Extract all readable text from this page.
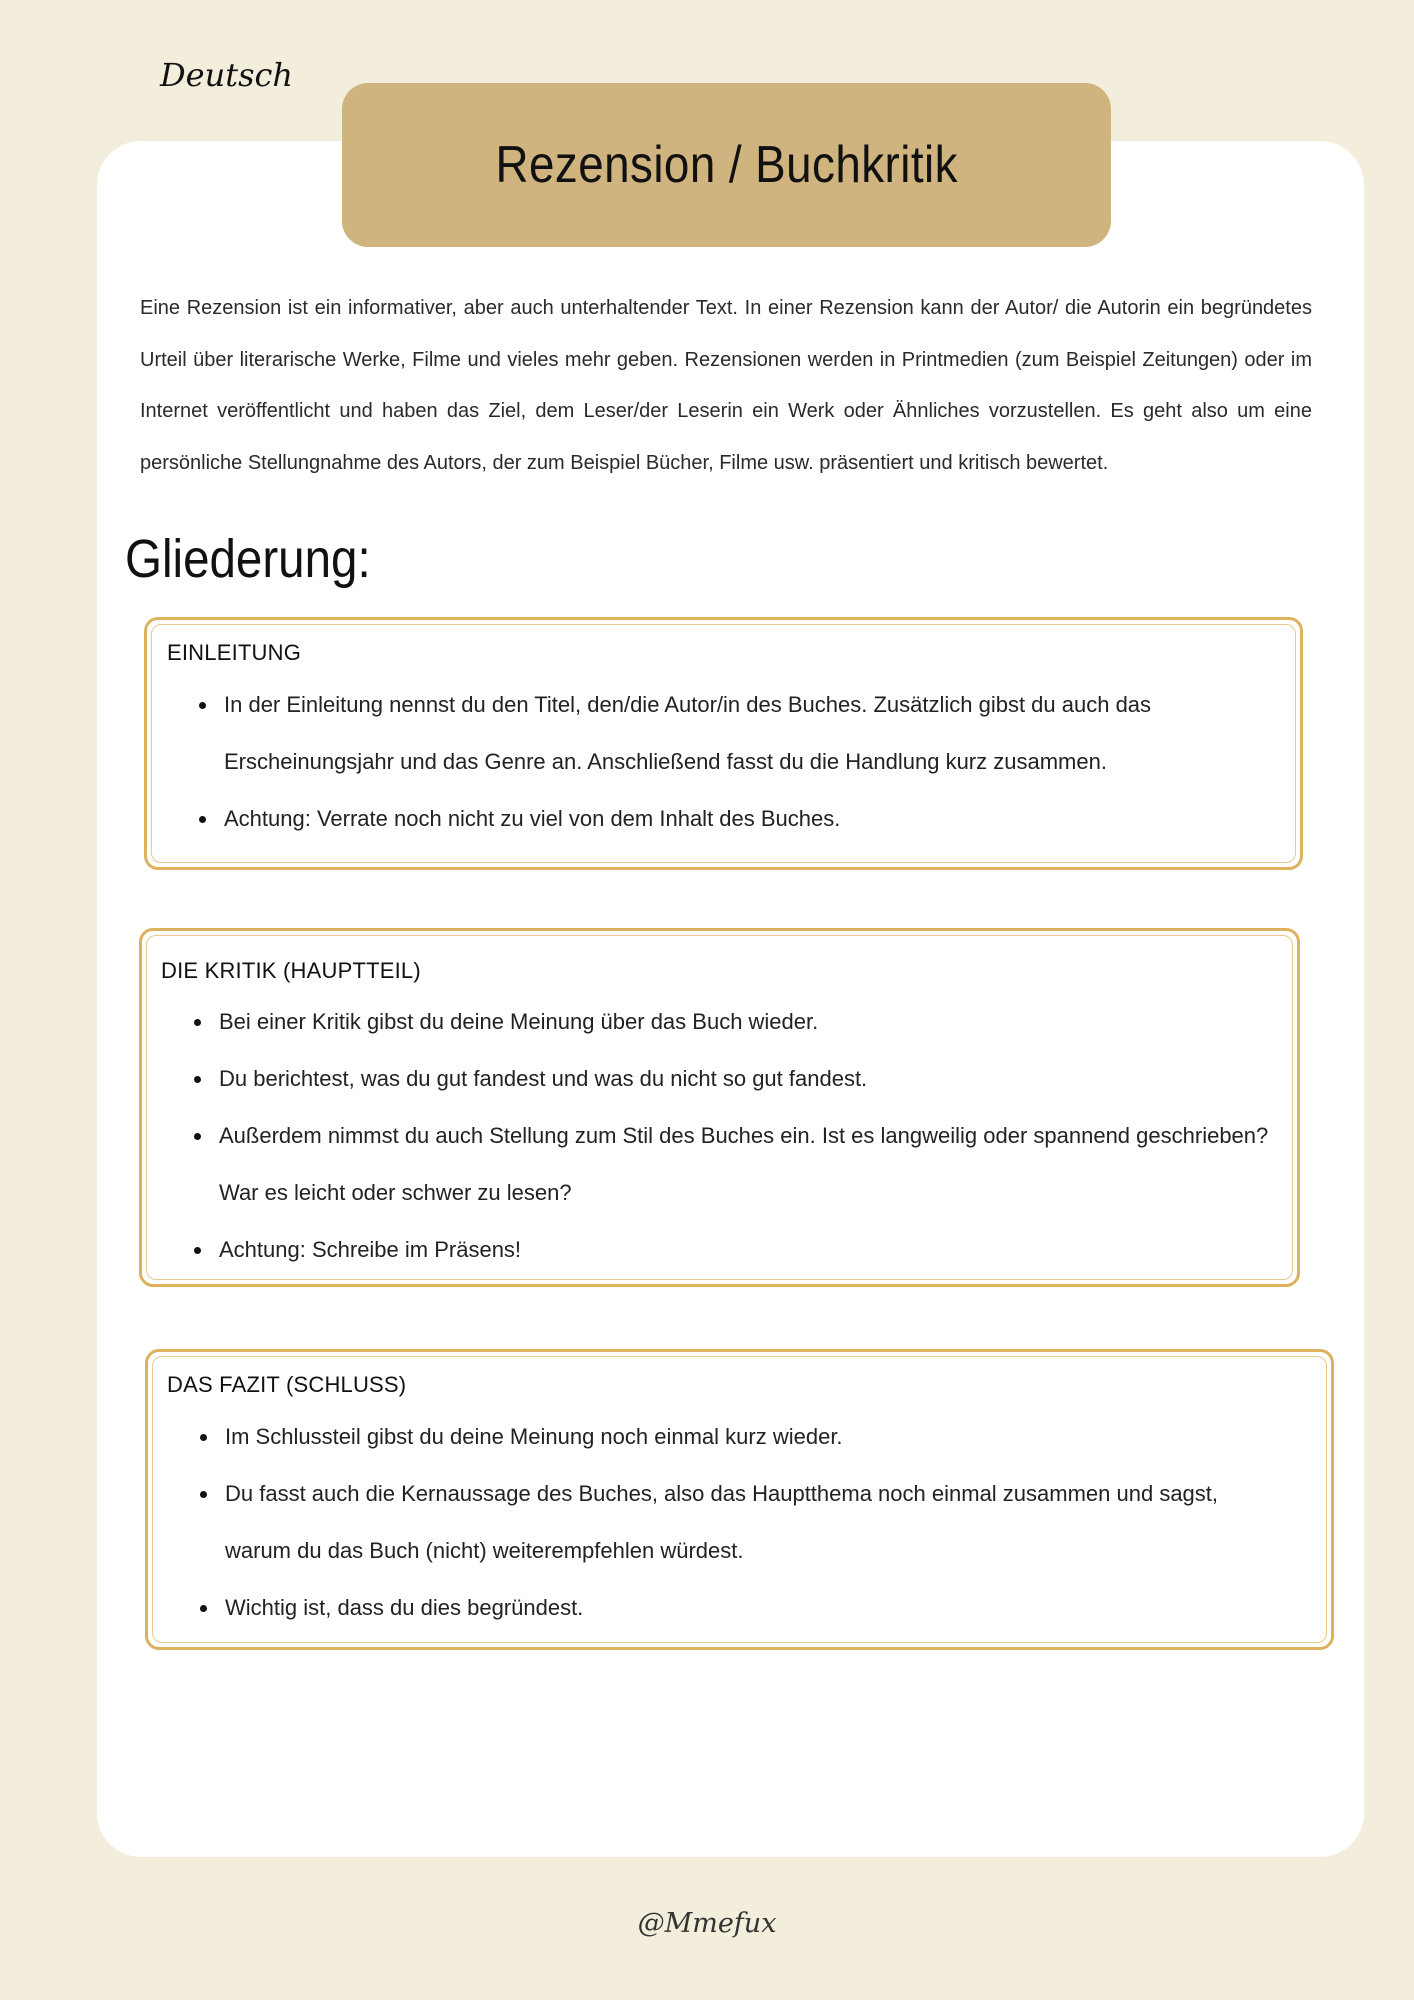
Deutsch
Rezension / Buchkritik

Eine Rezension ist ein informativer, aber auch unterhaltender Text. In einer Rezension kann der Autor/ die Autorin ein begründetes Urteil über literarische Werke, Filme und vieles mehr geben. Rezensionen werden in Printmedien (zum Beispiel Zeitungen) oder im Internet veröffentlicht und haben das Ziel, dem Leser/der Leserin ein Werk oder Ähnliches vorzustellen. Es geht also um eine persönliche Stellungnahme des Autors, der zum Beispiel Bücher, Filme usw. präsentiert und kritisch bewertet.

Gliederung:
EINLEITUNG
In der Einleitung nennst du den Titel, den/die Autor/in des Buches. Zusätzlich gibst du auch das Erscheinungsjahr und das Genre an. Anschließend fasst du die Handlung kurz zusammen.
Achtung: Verrate noch nicht zu viel von dem Inhalt des Buches.
DIE KRITIK (HAUPTTEIL)
Bei einer Kritik gibst du deine Meinung über das Buch wieder.
Du berichtest, was du gut fandest und was du nicht so gut fandest.
Außerdem nimmst du auch Stellung zum Stil des Buches ein. Ist es langweilig oder spannend geschrieben? War es leicht oder schwer zu lesen?
Achtung: Schreibe im Präsens!
DAS FAZIT (SCHLUSS)
Im Schlussteil gibst du deine Meinung noch einmal kurz wieder.
Du fasst auch die Kernaussage des Buches, also das Hauptthema noch einmal zusammen und sagst, warum du das Buch (nicht) weiterempfehlen würdest.
Wichtig ist, dass du dies begründest.
@Mmefux
